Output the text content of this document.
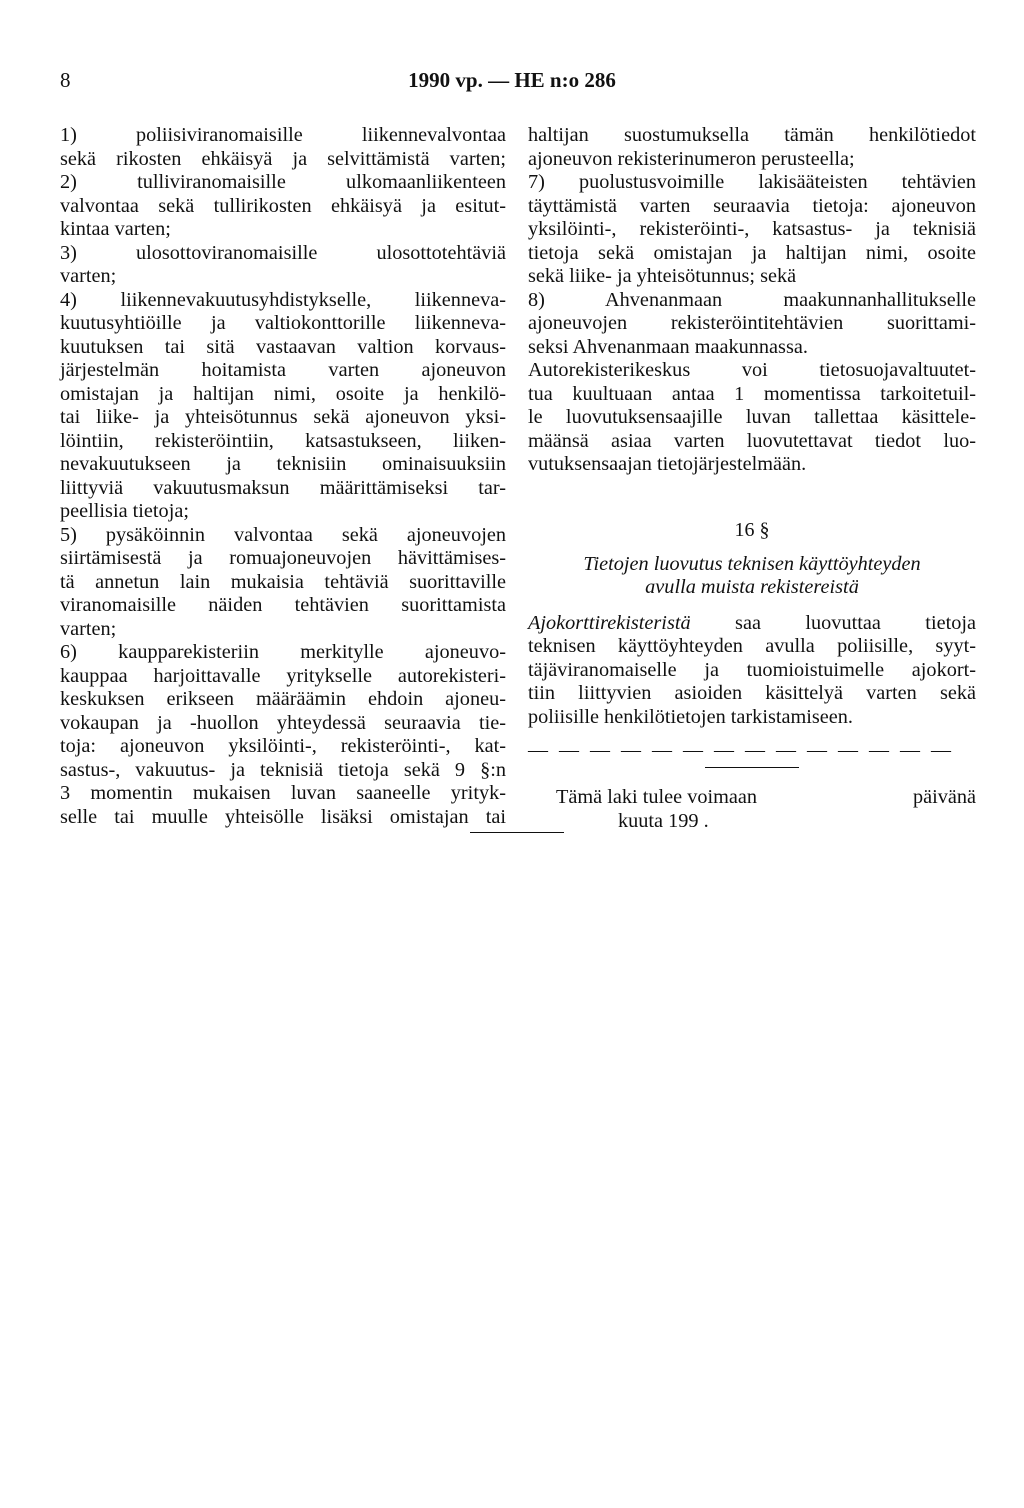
8	1990 vp. — HE n:o 286
1) poliisiviranomaisille liikennevalvontaa
sekä rikosten ehkäisyä ja selvittämistä varten;
2) tulliviranomaisille ulkomaanliikenteen
valvontaa sekä tullirikosten ehkäisyä ja esitut-
kintaa varten;
3) ulosottoviranomaisille ulosottotehtäviä
varten;
4) liikennevakuutusyhdistykselle, liikenneva-
kuutusyhtiöille ja valtiokonttorille liikenneva-
kuutuksen tai sitä vastaavan valtion korvaus-
järjestelmän hoitamista varten ajoneuvon
omistajan ja haltijan nimi, osoite ja henkilö-
tai liike- ja yhteisötunnus sekä ajoneuvon yksi-
löintiin, rekisteröintiin, katsastukseen, liiken-
nevakuutukseen ja teknisiin ominaisuuksiin
liittyviä vakuutusmaksun määrittämiseksi tar-
peellisia tietoja;
5) pysäköinnin valvontaa sekä ajoneuvojen
siirtämisestä ja romuajoneuvojen hävittämises-
tä annetun lain mukaisia tehtäviä suorittaville
viranomaisille näiden tehtävien suorittamista
varten;
6) kaupparekisteriin merkitylle ajoneuvo-
kauppaa harjoittavalle yritykselle autorekisteri-
keskuksen erikseen määräämin ehdoin ajoneu-
vokaupan ja -huollon yhteydessä seuraavia tie-
toja: ajoneuvon yksilöinti-, rekisteröinti-, kat-
sastus-, vakuutus- ja teknisiä tietoja sekä 9 §:n
3 momentin mukaisen luvan saaneelle yrityk-
selle tai muulle yhteisölle lisäksi omistajan tai
haltijan suostumuksella tämän henkilötiedot
ajoneuvon rekisterinumeron perusteella;
7) puolustusvoimille lakisääteisten tehtävien
täyttämistä varten seuraavia tietoja: ajoneuvon
yksilöinti-, rekisteröinti-, katsastus- ja teknisiä
tietoja sekä omistajan ja haltijan nimi, osoite
sekä liike- ja yhteisötunnus; sekä
8) Ahvenanmaan maakunnanhallitukselle
ajoneuvojen rekisteröintitehtävien suorittami-
seksi Ahvenanmaan maakunnassa.
Autorekisterikeskus voi tietosuojavaltuutet-
tua kuultuaan antaa 1 momentissa tarkoitetuil-
le luovutuksensaajille luvan tallettaa käsittele-
määnsä asiaa varten luovutettavat tiedot luo-
vutuksensaajan tietojärjestelmään.
16 §
Tietojen luovutus teknisen käyttöyhteyden
avulla muista rekistereistä
Ajokorttirekisteristä saa luovuttaa tietoja
teknisen käyttöyhteyden avulla poliisille, syyt-
täjäviranomaiselle ja tuomioistuimelle ajokort-
tiin liittyvien asioiden käsittelyä varten sekä
poliisille henkilötietojen tarkistamiseen.
— — — — — — — — — — — — — —
Tämä laki tulee voimaan	päivänä
kuuta 199 .
